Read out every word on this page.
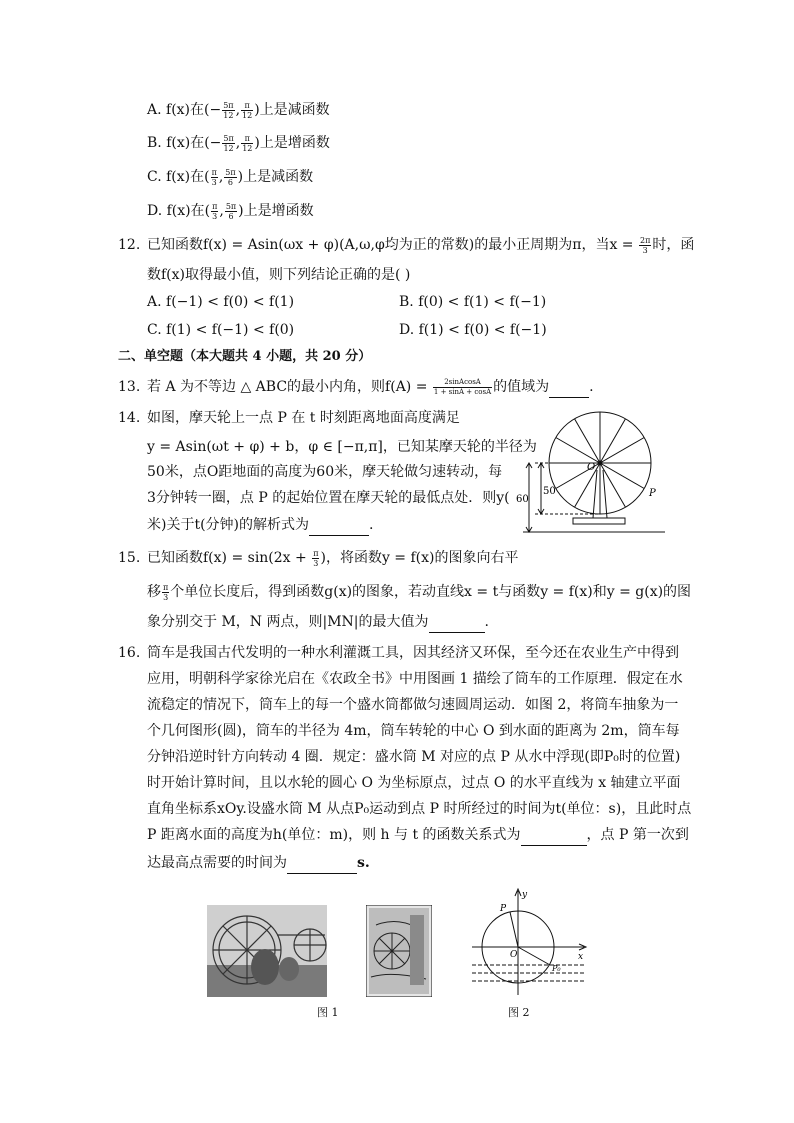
A. f(x)在(− $\frac{5\pi}{12}$ , $\frac{\pi}{12}$ )上是减函数
B. f(x)在(− $\frac{5\pi}{12}$ , $\frac{\pi}{12}$ )上是增函数
C. f(x)在( $\frac{\pi}{3}$ , $\frac{5\pi}{6}$ )上是减函数
D. f(x)在( $\frac{\pi}{3}$ , $\frac{5\pi}{6}$ )上是增函数
12. 已知函数f(x) = Asin(ωx + φ)(A,ω,φ均为正的常数)的最小正周期为π，当$x = \frac{2\pi}{3}$ 时，函
数f(x)取得最小值，则下列结论正确的是( )
A. f(−1) < f(0) < f(1)	B. f(0) < f(1) < f(−1)
C. f(1) < f(−1) < f(0)	D. f(1) < f(0) < f(−1)
二、单空题（本大题共 4 小题，共 20 分）
13. 若 A 为不等边 △ ABC的最小内角，则$f(A) = \frac{\text{2sinAcosA}}{1 + \sin A + \cos A}$ 的值域为	.
14. 如图，摩天轮上一点 P 在 t 时刻距离地面高度满足
y = Asin(ωt + φ) + b，φ ∈ [−π,π]，已知某摩天轮的半径为
50米，点O距地面的高度为60米，摩天轮做匀速转动，每
3分钟转一圈，点 P 的起始位置在摩天轮的最低点处．则y(
米)关于t(分钟)的解析式为	.
O
P
60
50
15. 已知函数$f(x) = \sin(2x + \frac{\pi}{3}$ )，将函数y = f(x)的图象向右平
移 $\frac{\pi}{3}$ 个单位长度后，得到函数g(x)的图象，若动直线x = t与函数y = f(x)和y = g(x)的图
象分别交于 M，N 两点，则|MN|的最大值为	.
16. 筒车是我国古代发明的一种水利灌溉工具，因其经济又环保，至今还在农业生产中得到
应用，明朝科学家徐光启在《农政全书》中用图画 1 描绘了筒车的工作原理．假定在水
流稳定的情况下，筒车上的每一个盛水筒都做匀速圆周运动．如图 2，将筒车抽象为一
个几何图形(圆)，筒车的半径为 4m，筒车转轮的中心 O 到水面的距离为 2m，筒车每
分钟沿逆时针方向转动 4 圈．规定：盛水筒 M 对应的点 P 从水中浮现(即P₀时的位置)
时开始计算时间，且以水轮的圆心 O 为坐标原点，过点 O 的水平直线为 x 轴建立平面
直角坐标系xOy.设盛水筒 M 从点P₀运动到点 P 时所经过的时间为t(单位：s)，且此时点
P 距离水面的高度为h(单位：m)，则 h 与 t 的函数关系式为	，点 P 第一次到
达最高点需要的时间为	s.
y
x
O
P
P₀
图 1	图 2
